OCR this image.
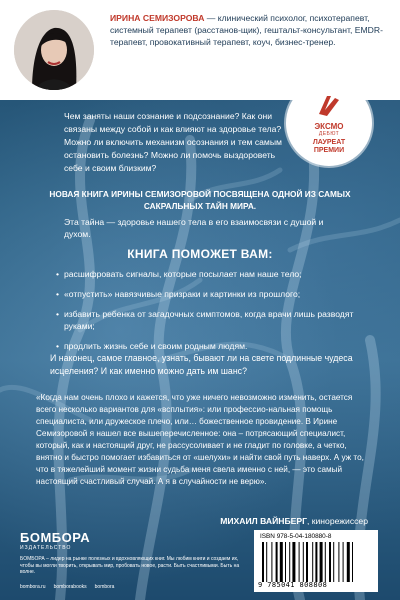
ИРИНА СЕМИЗОРОВА — клинический психолог, психотерапевт, системный терапевт (расстанов-щик), гештальт-консультант, EMDR-терапевт, провокативный терапевт, коуч, бизнес-тренер.
Чем заняты наши сознание и подсознание? Как они связаны между собой и как влияют на здоровье тела? Можно ли включить механизм осознания и тем самым остановить болезнь? Можно ли помочь выздороветь себе и своим близким?
ЭКСМО
ДЕБЮТ
ЛАУРЕАТ
ПРЕМИИ
НОВАЯ КНИГА ИРИНЫ СЕМИЗОРОВОЙ ПОСВЯЩЕНА ОДНОЙ ИЗ САМЫХ САКРАЛЬНЫХ ТАЙН МИРА.
Эта тайна — здоровье нашего тела в его взаимосвязи с душой и духом.
КНИГА ПОМОЖЕТ ВАМ:
• расшифровать сигналы, которые посылает нам наше тело;
• «отпустить» навязчивые призраки и картинки из прошлого;
• избавить ребенка от загадочных симптомов, когда врачи лишь разводят руками;
• продлить жизнь себе и своим родным людям.
И наконец, самое главное, узнать, бывают ли на свете подлинные чудеса исцеления? И как именно можно дать им шанс?
«Когда нам очень плохо и кажется, что уже ничего невозможно изменить, остается всего несколько вариантов для «всплытия»: или профессио-нальная помощь специалиста, или дружеское плечо, или… божественное провидение. В Ирине Семизоровой я нашел все вышеперечисленное: она – потрясающий специалист, который, как и настоящий друг, не рассусоливает и не гладит по головке, а четко, внятно и быстро помогает избавиться от «шелухи» и найти свой путь наверх. А уж то, что в тяжелейший момент жизни судьба меня свела именно с ней, — это самый настоящий счастливый случай. А я в случайности не верю».
МИХАИЛ ВАЙНБЕРГ, кинорежиссер
БОМБОРА
ИЗДАТЕЛЬСТВО
БОМБОРА – лидер на рынке полезных и вдохновляющих книг. Мы любим книги и создаем их, чтобы вы могли творить, открывать мир, пробовать новое, расти. Быть счастливыми. Быть на волне.
bombora.ru bomborabooks bombora
ISBN 978-5-04-180880-8
9 785041 808808
